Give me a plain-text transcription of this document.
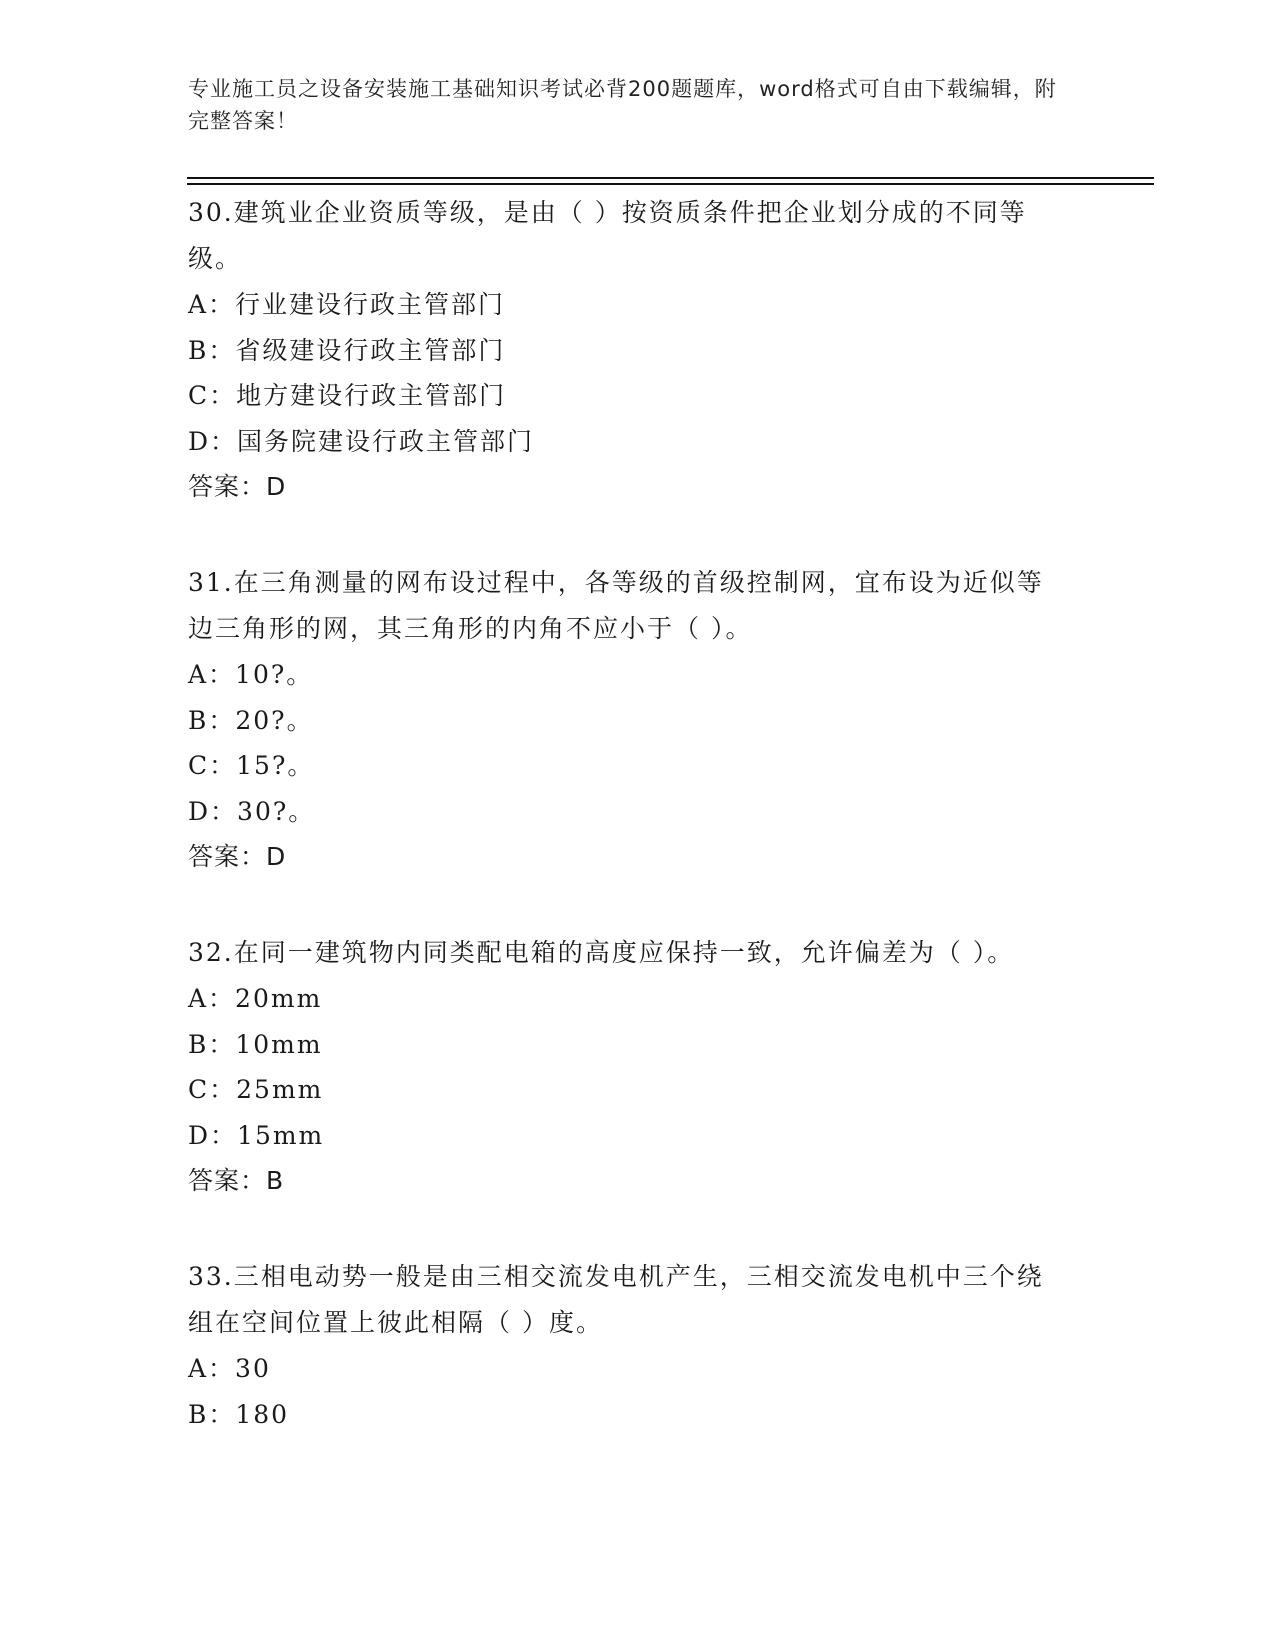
专业施工员之设备安装施工基础知识考试必背200题题库，word格式可自由下载编辑，附完整答案！

30.建筑业企业资质等级，是由（ ）按资质条件把企业划分成的不同等级。

A：行业建设行政主管部门

B：省级建设行政主管部门

C：地方建设行政主管部门

D：国务院建设行政主管部门

答案：D

31.在三角测量的网布设过程中，各等级的首级控制网，宜布设为近似等边三角形的网，其三角形的内角不应小于（ ）。

A：10?。

B：20?。

C：15?。

D：30?。

答案：D

32.在同一建筑物内同类配电箱的高度应保持一致，允许偏差为（ ）。

A：20mm

B：10mm

C：25mm

D：15mm

答案：B

33.三相电动势一般是由三相交流发电机产生，三相交流发电机中三个绕组在空间位置上彼此相隔（ ）度。

A：30

B：180
